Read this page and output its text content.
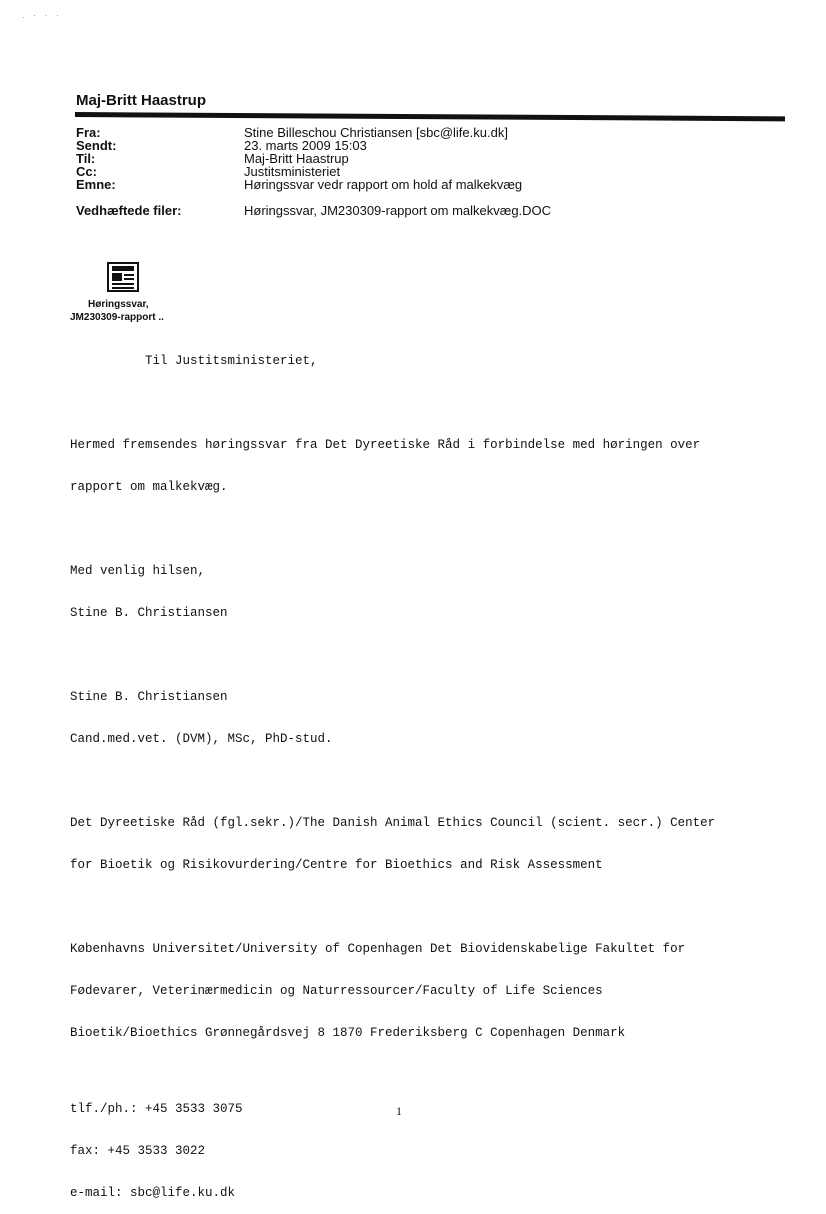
. · · ·
Maj-Britt Haastrup
Fra:	Stine Billeschou Christiansen [sbc@life.ku.dk]
Sendt:	23. marts 2009 15:03
Til:	Maj-Britt Haastrup
Cc:	Justitsministeriet
Emne:	Høringssvar vedr rapport om hold af malkekvæg
Vedhæftede filer:	Høringssvar, JM230309-rapport om malkekvæg.DOC
Høringssvar,
JM230309-rapport ..

Til Justitsministeriet,

Hermed fremsendes høringssvar fra Det Dyreetiske Råd i forbindelse med høringen over

rapport om malkekvæg.

Med venlig hilsen,

Stine B. Christiansen

Stine B. Christiansen

Cand.med.vet. (DVM), MSc, PhD-stud.

Det Dyreetiske Råd (fgl.sekr.)/The Danish Animal Ethics Council (scient. secr.) Center

for Bioetik og Risikovurdering/Centre for Bioethics and Risk Assessment

Københavns Universitet/University of Copenhagen Det Biovidenskabelige Fakultet for

Fødevarer, Veterinærmedicin og Naturressourcer/Faculty of Life Sciences

Bioetik/Bioethics Grønnegårdsvej 8 1870 Frederiksberg C Copenhagen Denmark

tlf./ph.: +45 3533 3075

fax: +45 3533 3022

e-mail: sbc@life.ku.dk

1
